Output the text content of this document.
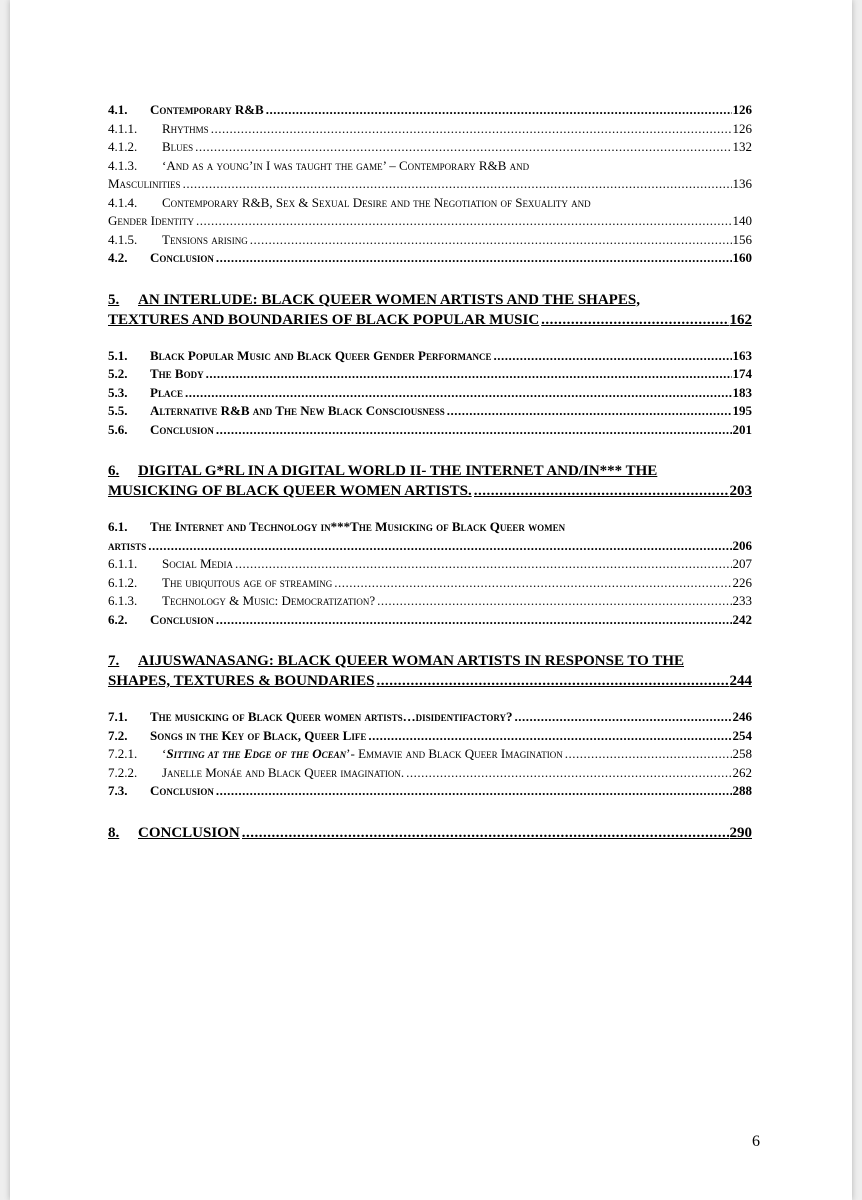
4.1.	Contemporary R&B .....	126
4.1.1.	Rhythms .....	126
4.1.2.	Blues .....	132
4.1.3.	‘And as a young’in I was taught the game’ – Contemporary R&B and
Masculinities .....	136
4.1.4.	Contemporary R&B, Sex & Sexual Desire and the Negotiation of Sexuality and
Gender Identity .....	140
4.1.5.	Tensions arising .....	156
4.2.	Conclusion .....	160
5.	AN INTERLUDE: BLACK QUEER WOMEN ARTISTS AND THE SHAPES,
TEXTURES AND BOUNDARIES OF BLACK POPULAR MUSIC .....	162
5.1.	Black Popular Music and Black Queer Gender Performance .....	163
5.2.	The Body .....	174
5.3.	Place .....	183
5.5.	Alternative R&B and The New Black Consciousness .....	195
5.6.	Conclusion .....	201
6.	DIGITAL G*RL IN A DIGITAL WORLD II- THE INTERNET AND/IN*** THE
MUSICKING OF BLACK QUEER WOMEN ARTISTS. .....	203
6.1.	The Internet and Technology in***The Musicking of Black Queer women
artists .....	206
6.1.1.	Social Media .....	207
6.1.2.	The ubiquitous age of streaming .....	226
6.1.3.	Technology & Music: Democratization? .....	233
6.2.	Conclusion .....	242
7.	AIJUSWANASANG: BLACK QUEER WOMAN ARTISTS IN RESPONSE TO THE
SHAPES, TEXTURES & BOUNDARIES .....	244
7.1.	The musicking of Black Queer women artists…disidentifactory? .....	246
7.2.	Songs in the Key of Black, Queer Life .....	254
7.2.1.	‘Sitting at the Edge of the Ocean’- Emmavie and Black Queer Imagination .....	258
7.2.2.	Janelle Monáe and Black Queer imagination. .....	262
7.3.	Conclusion .....	288
8.	CONCLUSION .....	290
6
